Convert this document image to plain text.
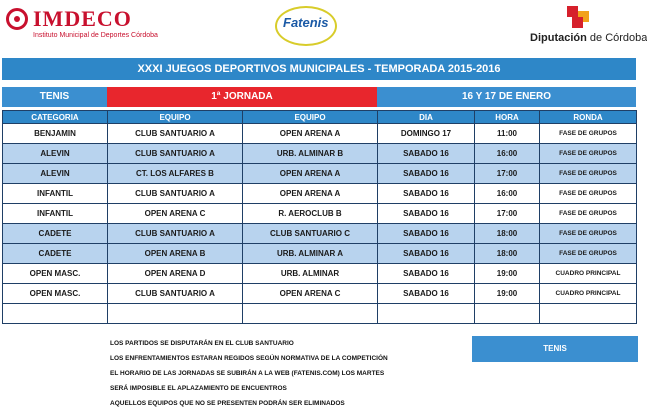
IMDECO
Instituto Municipal de Deportes Córdoba
Fatenis
Diputación de Córdoba
XXXI JUEGOS DEPORTIVOS MUNICIPALES - TEMPORADA 2015-2016
TENIS	1ª JORNADA	16 Y 17 DE ENERO
CATEGORIA	EQUIPO	EQUIPO	DIA	HORA	RONDA
BENJAMIN	CLUB SANTUARIO A	OPEN ARENA A	DOMINGO 17	11:00	FASE DE GRUPOS
ALEVIN	CLUB SANTUARIO A	URB. ALMINAR B	SABADO 16	16:00	FASE DE GRUPOS
ALEVIN	CT. LOS ALFARES B	OPEN ARENA A	SABADO 16	17:00	FASE DE GRUPOS
INFANTIL	CLUB SANTUARIO A	OPEN ARENA A	SABADO 16	16:00	FASE DE GRUPOS
INFANTIL	OPEN ARENA C	R. AEROCLUB B	SABADO 16	17:00	FASE DE GRUPOS
CADETE	CLUB SANTUARIO A	CLUB SANTUARIO C	SABADO 16	18:00	FASE DE GRUPOS
CADETE	OPEN ARENA B	URB. ALMINAR A	SABADO 16	18:00	FASE DE GRUPOS
OPEN MASC.	OPEN ARENA D	URB. ALMINAR	SABADO 16	19:00	CUADRO PRINCIPAL
OPEN MASC.	CLUB SANTUARIO A	OPEN ARENA C	SABADO 16	19:00	CUADRO PRINCIPAL

LOS PARTIDOS SE DISPUTARÁN EN EL CLUB SANTUARIO
LOS ENFRENTAMIENTOS ESTARAN REGIDOS SEGÚN NORMATIVA DE LA COMPETICIÓN
EL HORARIO DE LAS JORNADAS SE SUBIRÁN A LA WEB (FATENIS.COM) LOS MARTES
SERÁ IMPOSIBLE EL APLAZAMIENTO DE ENCUENTROS
AQUELLOS EQUIPOS QUE NO SE PRESENTEN PODRÁN SER ELIMINADOS
TENIS
